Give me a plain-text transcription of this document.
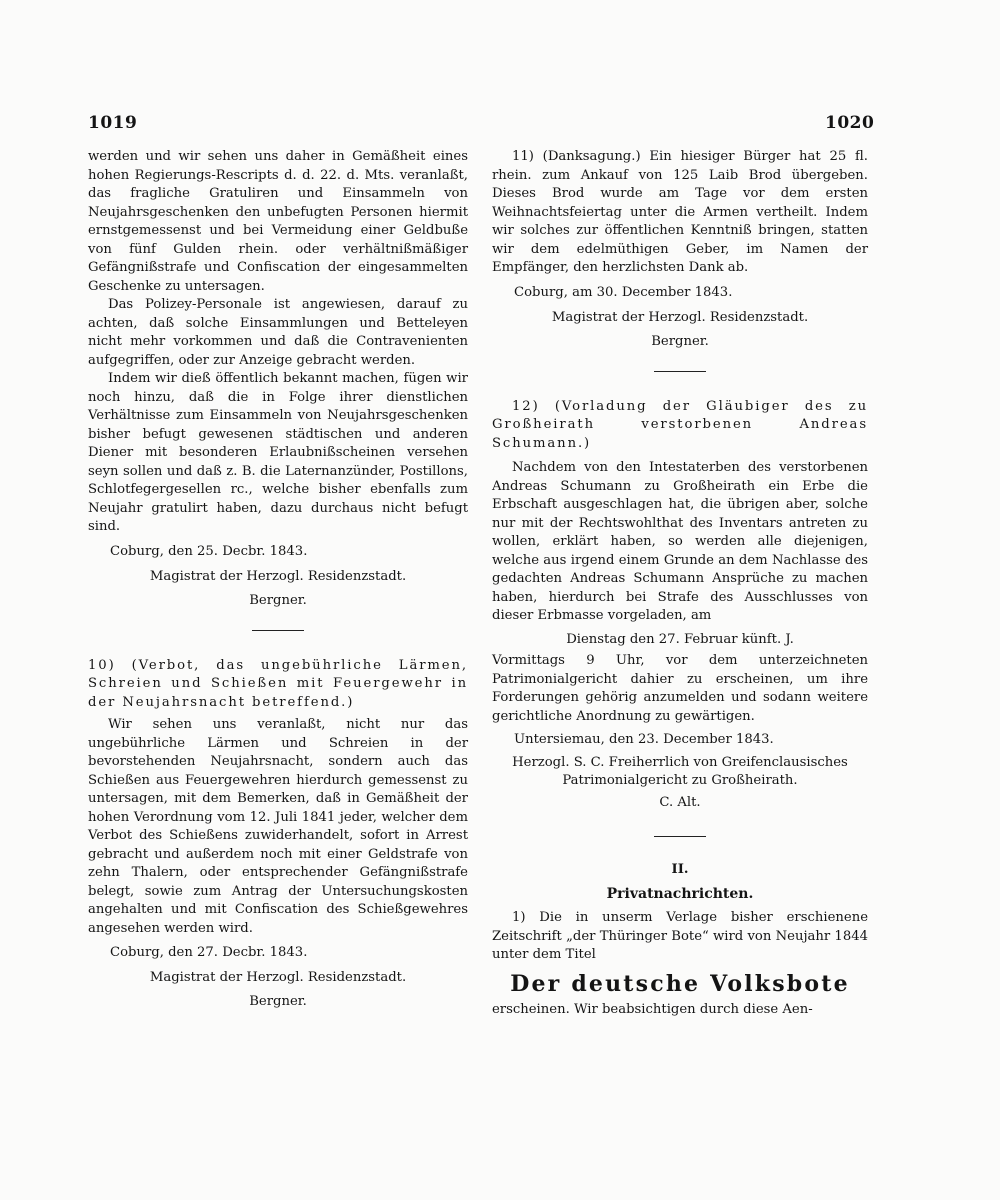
1019	1020

werden und wir sehen uns daher in Gemäßheit eines hohen Regierungs-Rescripts d. d. 22. d. Mts. veranlaßt, das fragliche Gratuliren und Einsammeln von Neujahrsgeschenken den unbefugten Personen hiermit ernstgemessenst und bei Vermeidung einer Geldbuße von fünf Gulden rhein. oder verhältnißmäßiger Gefängnißstrafe und Confiscation der eingesammelten Geschenke zu untersagen.

Das Polizey-Personale ist angewiesen, darauf zu achten, daß solche Einsammlungen und Betteleyen nicht mehr vorkommen und daß die Contravenienten aufgegriffen, oder zur Anzeige gebracht werden.

Indem wir dieß öffentlich bekannt machen, fügen wir noch hinzu, daß die in Folge ihrer dienstlichen Verhältnisse zum Einsammeln von Neujahrsgeschenken bisher befugt gewesenen städtischen und anderen Diener mit besonderen Erlaubnißscheinen versehen seyn sollen und daß z. B. die Laternanzünder, Postillons, Schlotfegergesellen rc., welche bisher ebenfalls zum Neujahr gratulirt haben, dazu durchaus nicht befugt sind.

Coburg, den 25. Decbr. 1843.

Magistrat der Herzogl. Residenzstadt.

Bergner.

10) (Verbot, das ungebührliche Lärmen, Schreien und Schießen mit Feuergewehr in der Neujahrsnacht betreffend.)

Wir sehen uns veranlaßt, nicht nur das ungebührliche Lärmen und Schreien in der bevorstehenden Neujahrsnacht, sondern auch das Schießen aus Feuergewehren hierdurch gemessenst zu untersagen, mit dem Bemerken, daß in Gemäßheit der hohen Verordnung vom 12. Juli 1841 jeder, welcher dem Verbot des Schießens zuwiderhandelt, sofort in Arrest gebracht und außerdem noch mit einer Geldstrafe von zehn Thalern, oder entsprechender Gefängnißstrafe belegt, sowie zum Antrag der Untersuchungskosten angehalten und mit Confiscation des Schießgewehres angesehen werden wird.

Coburg, den 27. Decbr. 1843.

Magistrat der Herzogl. Residenzstadt.

Bergner.

11) (Danksagung.) Ein hiesiger Bürger hat 25 fl. rhein. zum Ankauf von 125 Laib Brod übergeben. Dieses Brod wurde am Tage vor dem ersten Weihnachtsfeiertag unter die Armen vertheilt. Indem wir solches zur öffentlichen Kenntniß bringen, statten wir dem edelmüthigen Geber, im Namen der Empfänger, den herzlichsten Dank ab.

Coburg, am 30. December 1843.

Magistrat der Herzogl. Residenzstadt.

Bergner.

12) (Vorladung der Gläubiger des zu Großheirath verstorbenen Andreas Schumann.)

Nachdem von den Intestaterben des verstorbenen Andreas Schumann zu Großheirath ein Erbe die Erbschaft ausgeschlagen hat, die übrigen aber, solche nur mit der Rechtswohlthat des Inventars antreten zu wollen, erklärt haben, so werden alle diejenigen, welche aus irgend einem Grunde an dem Nachlasse des gedachten Andreas Schumann Ansprüche zu machen haben, hierdurch bei Strafe des Ausschlusses von dieser Erbmasse vorgeladen, am

Dienstag den 27. Februar künft. J.

Vormittags 9 Uhr, vor dem unterzeichneten Patrimonialgericht dahier zu erscheinen, um ihre Forderungen gehörig anzumelden und sodann weitere gerichtliche Anordnung zu gewärtigen.

Untersiemau, den 23. December 1843.

Herzogl. S. C. Freiherrlich von Greifenclausisches Patrimonialgericht zu Großheirath.

C. Alt.

II.

Privatnachrichten.

1) Die in unserm Verlage bisher erschienene Zeitschrift „der Thüringer Bote“ wird von Neujahr 1844 unter dem Titel

Der deutsche Volksbote

erscheinen. Wir beabsichtigen durch diese Aen-
